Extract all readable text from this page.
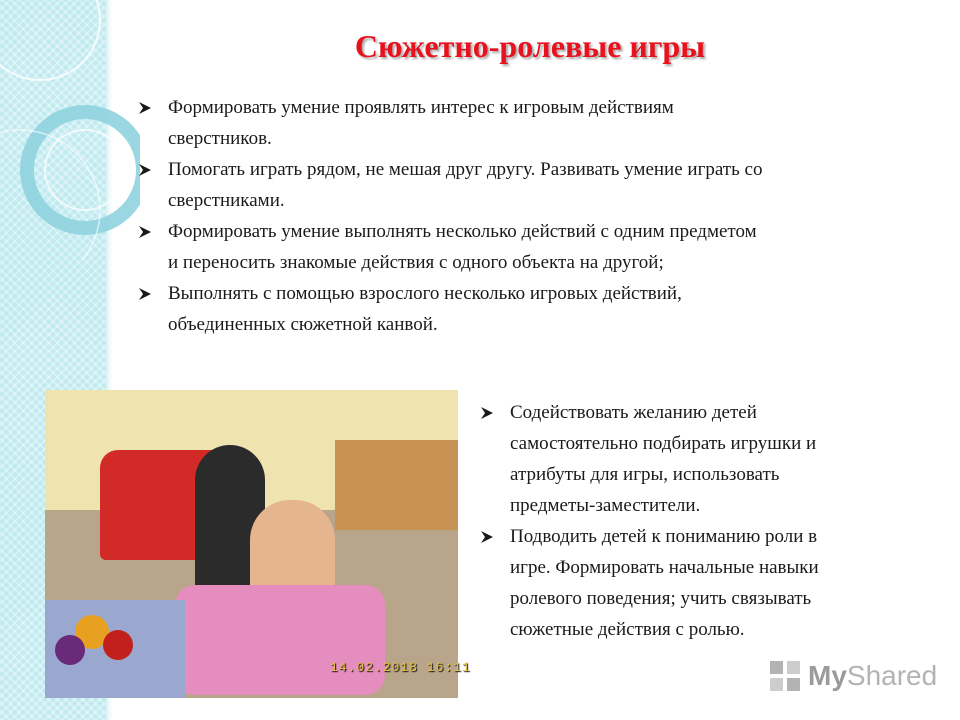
Сюжетно-ролевые игры
Формировать умение проявлять интерес к игровым действиям
сверстников.
Помогать играть рядом, не мешая друг другу. Развивать умение играть со
сверстниками.
Формировать умение выполнять несколько действий с одним предметом
и переносить знакомые действия с одного объекта на другой;
Выполнять с помощью взрослого несколько игровых действий,
объединенных сюжетной канвой.
14.02.2018 16:11
Содействовать желанию детей
самостоятельно подбирать игрушки и
атрибуты для игры, использовать
предметы-заместители.
Подводить детей к пониманию роли в
игре. Формировать начальные навыки
ролевого поведения; учить связывать
сюжетные действия с ролью.
MyShared
